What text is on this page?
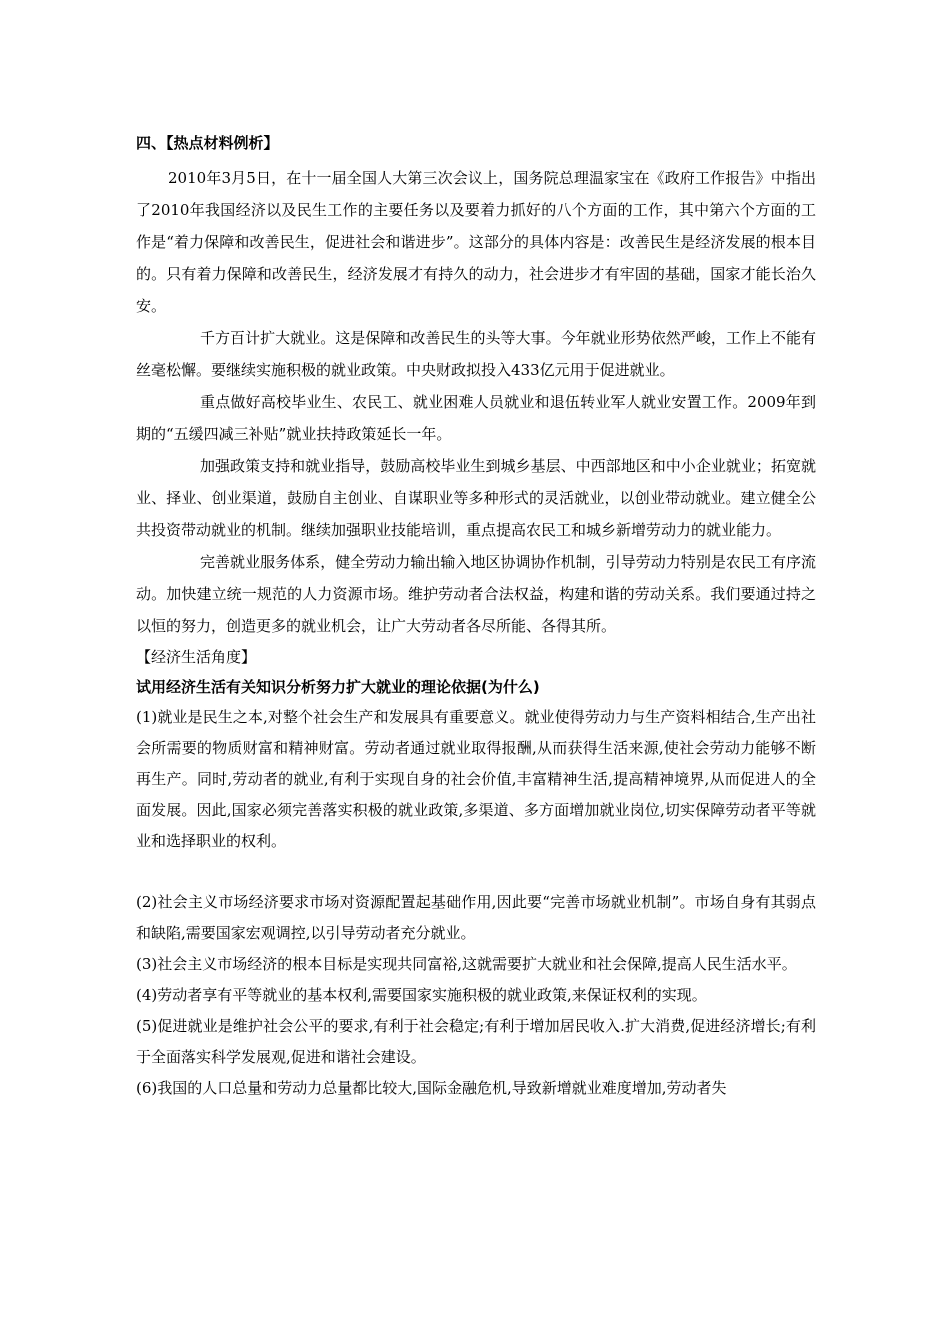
四、【热点材料例析】

2010年3月5日，在十一届全国人大第三次会议上，国务院总理温家宝在《政府工作报告》中指出了2010年我国经济以及民生工作的主要任务以及要着力抓好的八个方面的工作，其中第六个方面的工作是“着力保障和改善民生，促进社会和谐进步”。这部分的具体内容是：改善民生是经济发展的根本目的。只有着力保障和改善民生，经济发展才有持久的动力，社会进步才有牢固的基础，国家才能长治久安。

千方百计扩大就业。这是保障和改善民生的头等大事。今年就业形势依然严峻，工作上不能有丝毫松懈。要继续实施积极的就业政策。中央财政拟投入433亿元用于促进就业。

重点做好高校毕业生、农民工、就业困难人员就业和退伍转业军人就业安置工作。2009年到期的“五缓四减三补贴”就业扶持政策延长一年。

加强政策支持和就业指导，鼓励高校毕业生到城乡基层、中西部地区和中小企业就业；拓宽就业、择业、创业渠道，鼓励自主创业、自谋职业等多种形式的灵活就业，以创业带动就业。建立健全公共投资带动就业的机制。继续加强职业技能培训，重点提高农民工和城乡新增劳动力的就业能力。

完善就业服务体系，健全劳动力输出输入地区协调协作机制，引导劳动力特别是农民工有序流动。加快建立统一规范的人力资源市场。维护劳动者合法权益，构建和谐的劳动关系。我们要通过持之以恒的努力，创造更多的就业机会，让广大劳动者各尽所能、各得其所。

【经济生活角度】

试用经济生活有关知识分析努力扩大就业的理论依据(为什么)

(1)就业是民生之本,对整个社会生产和发展具有重要意义。就业使得劳动力与生产资料相结合,生产出社会所需要的物质财富和精神财富。劳动者通过就业取得报酬,从而获得生活来源,使社会劳动力能够不断再生产。同时,劳动者的就业,有利于实现自身的社会价值,丰富精神生活,提高精神境界,从而促进人的全面发展。因此,国家必须完善落实积极的就业政策,多渠道、多方面增加就业岗位,切实保障劳动者平等就业和选择职业的权利。

(2)社会主义市场经济要求市场对资源配置起基础作用,因此要“完善市场就业机制”。市场自身有其弱点和缺陷,需要国家宏观调控,以引导劳动者充分就业。

(3)社会主义市场经济的根本目标是实现共同富裕,这就需要扩大就业和社会保障,提高人民生活水平。

(4)劳动者享有平等就业的基本权利,需要国家实施积极的就业政策,来保证权利的实现。

(5)促进就业是维护社会公平的要求,有利于社会稳定;有利于增加居民收入.扩大消费,促进经济增长;有利于全面落实科学发展观,促进和谐社会建设。

(6)我国的人口总量和劳动力总量都比较大,国际金融危机,导致新增就业难度增加,劳动者失
